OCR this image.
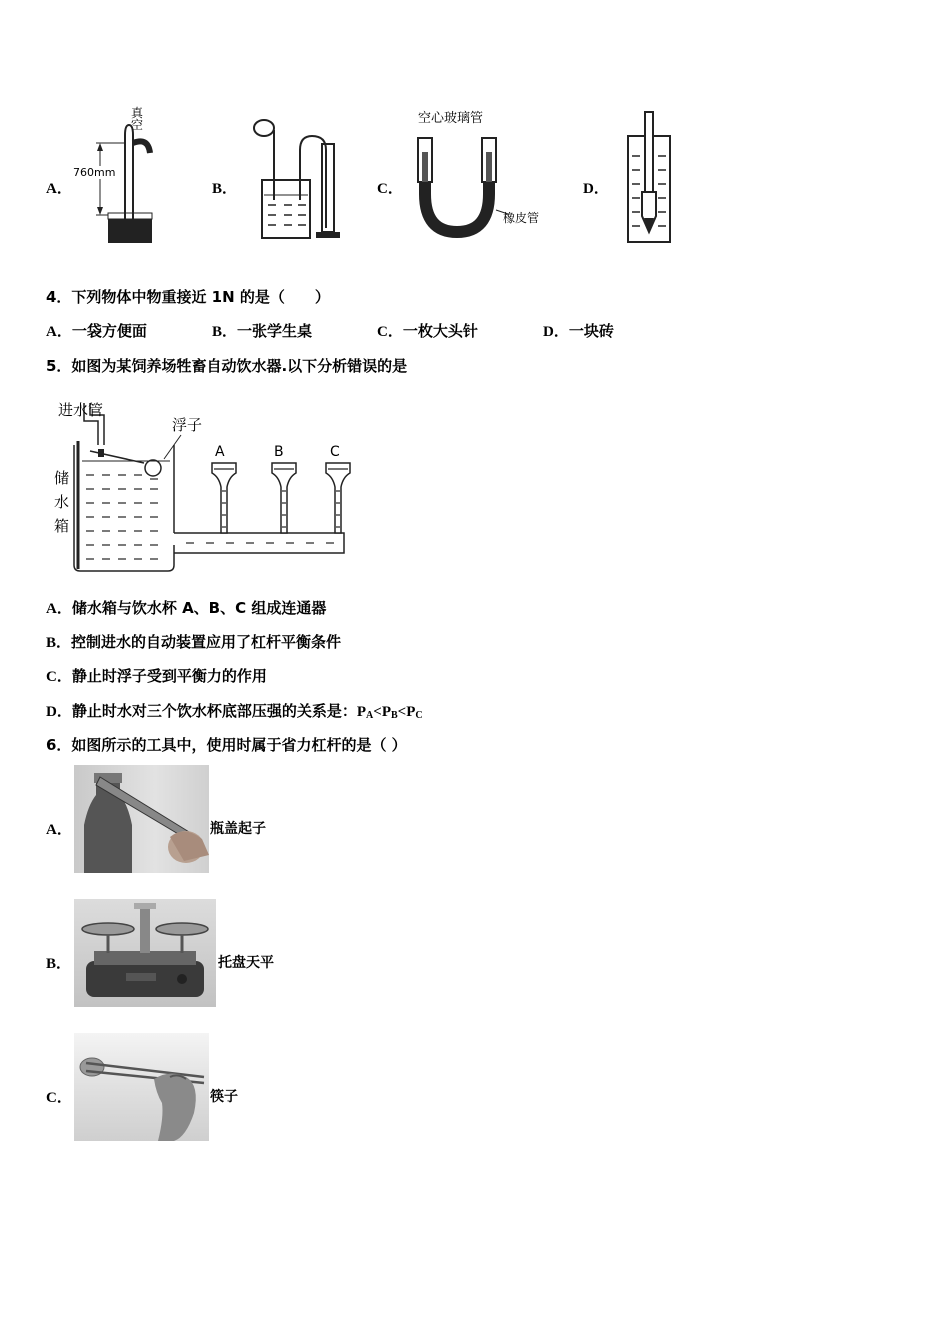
A．
真空
760mm
B．	C．
空心玻璃管
橡皮管
D．
4．下列物体中物重接近 1N 的是（　　）
A．一袋方便面	B．一张学生桌	C．一枚大头针	D．一块砖
5．如图为某饲养场牲畜自动饮水器.以下分析错误的是
进水管
浮子
储
水
箱
A	B	C
A．储水箱与饮水杯 A、B、C 组成连通器
B．控制进水的自动装置应用了杠杆平衡条件
C．静止时浮子受到平衡力的作用
D．静止时水对三个饮水杯底部压强的关系是：$P_A<P_B<P_C$
6．如图所示的工具中，使用时属于省力杠杆的是（ ）
A．	瓶盖起子
B．	托盘天平
C．	筷子
